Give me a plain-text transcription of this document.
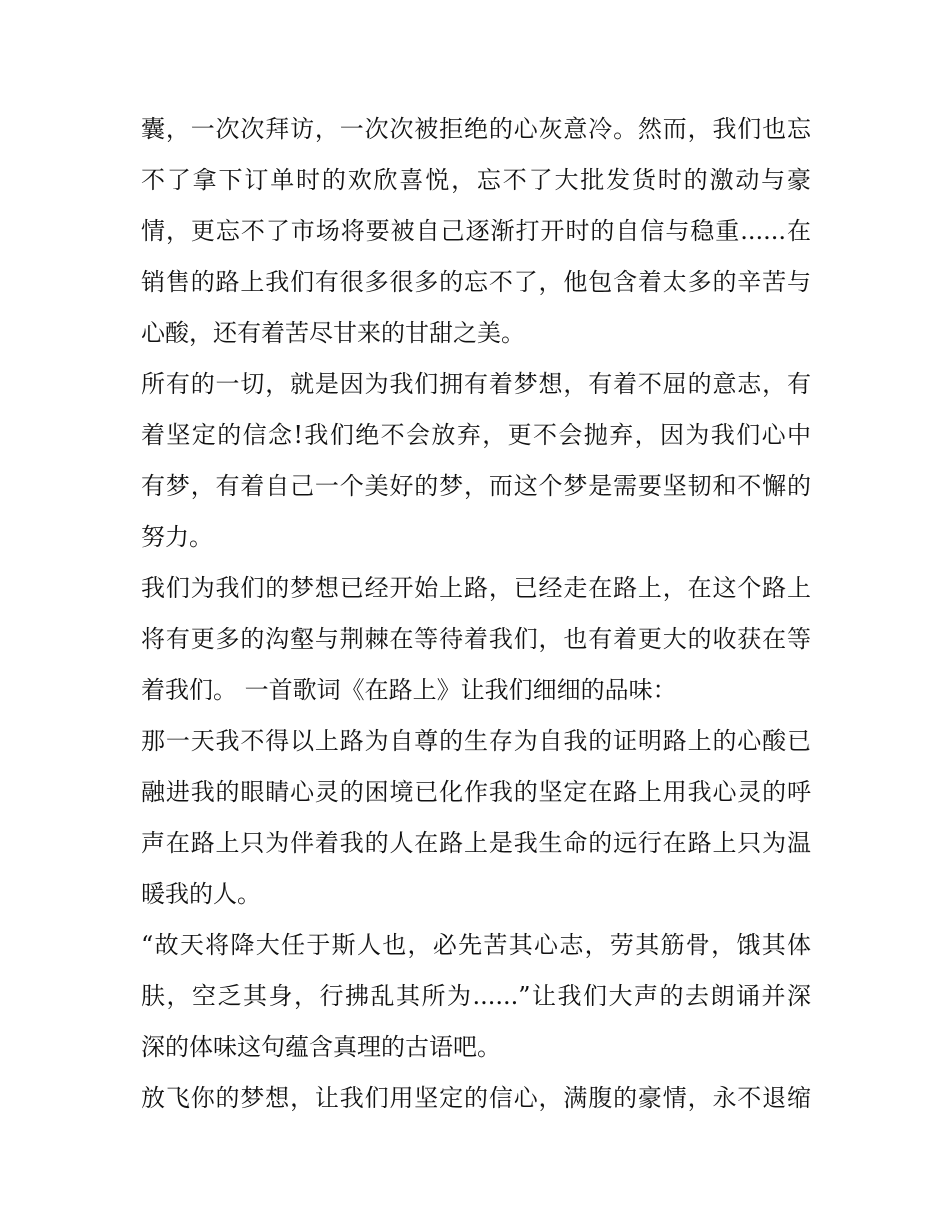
囊，一次次拜访，一次次被拒绝的心灰意冷。然而，我们也忘
不了拿下订单时的欢欣喜悦，忘不了大批发货时的激动与豪
情，更忘不了市场将要被自己逐渐打开时的自信与稳重......在
销售的路上我们有很多很多的忘不了，他包含着太多的辛苦与
心酸，还有着苦尽甘来的甘甜之美。
所有的一切，就是因为我们拥有着梦想，有着不屈的意志，有
着坚定的信念!我们绝不会放弃，更不会抛弃，因为我们心中
有梦，有着自己一个美好的梦，而这个梦是需要坚韧和不懈的
努力。
我们为我们的梦想已经开始上路，已经走在路上，在这个路上
将有更多的沟壑与荆棘在等待着我们，也有着更大的收获在等
着我们。 一首歌词《在路上》让我们细细的品味：
那一天我不得以上路为自尊的生存为自我的证明路上的心酸已
融进我的眼睛心灵的困境已化作我的坚定在路上用我心灵的呼
声在路上只为伴着我的人在路上是我生命的远行在路上只为温
暖我的人。
“故天将降大任于斯人也，必先苦其心志，劳其筋骨，饿其体
肤，空乏其身，行拂乱其所为......”让我们大声的去朗诵并深
深的体味这句蕴含真理的古语吧。
放飞你的梦想，让我们用坚定的信心，满腹的豪情，永不退缩
